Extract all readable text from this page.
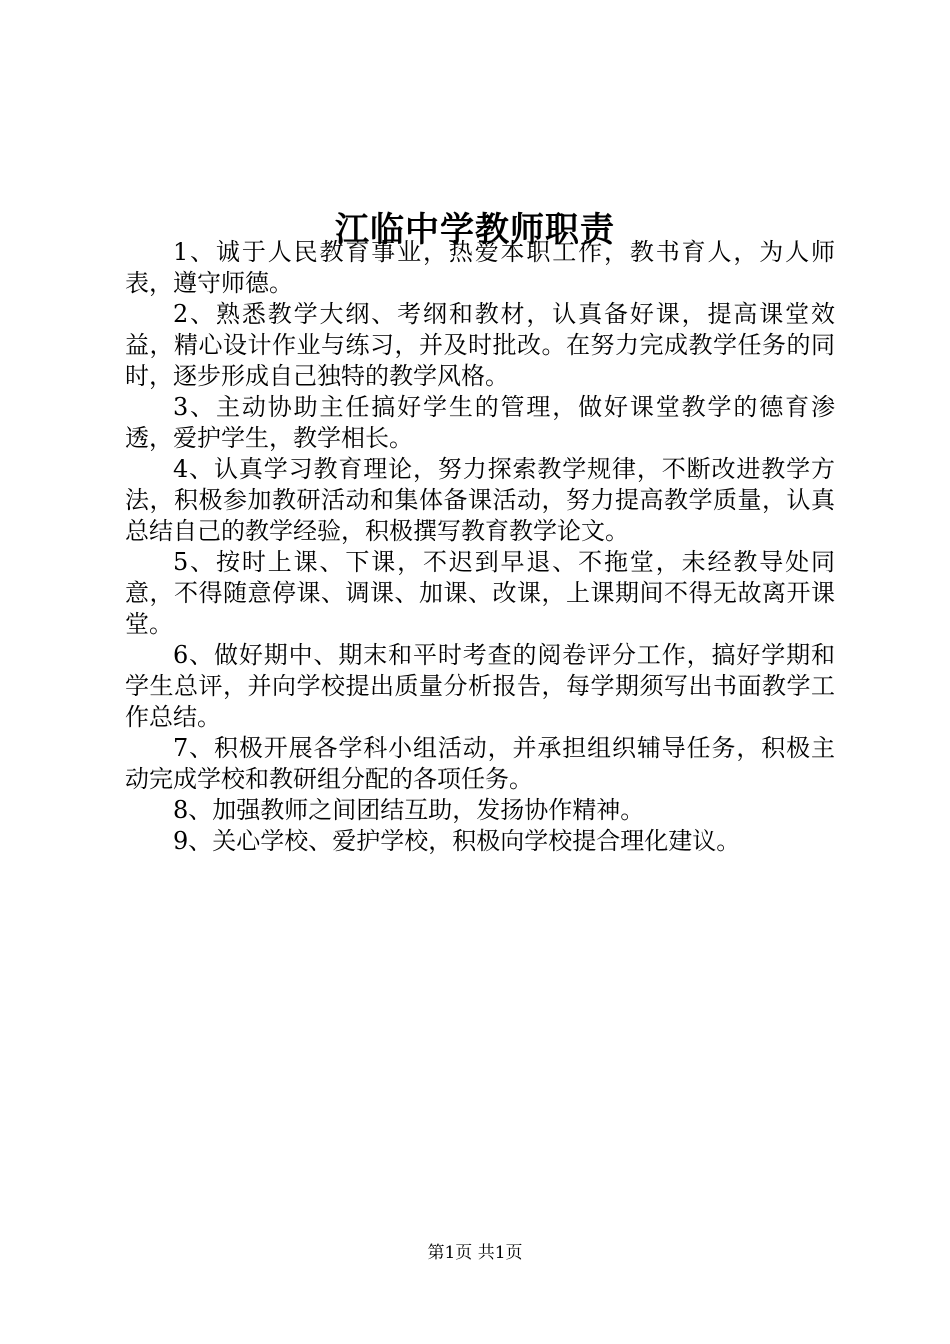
江临中学教师职责

1、诚于人民教育事业，热爱本职工作，教书育人，为人师表，遵守师德。

2、熟悉教学大纲、考纲和教材，认真备好课，提高课堂效益，精心设计作业与练习，并及时批改。在努力完成教学任务的同时，逐步形成自己独特的教学风格。

3、主动协助主任搞好学生的管理，做好课堂教学的德育渗透，爱护学生，教学相长。

4、认真学习教育理论，努力探索教学规律，不断改进教学方法，积极参加教研活动和集体备课活动，努力提高教学质量，认真总结自己的教学经验，积极撰写教育教学论文。

5、按时上课、下课，不迟到早退、不拖堂，未经教导处同意，不得随意停课、调课、加课、改课，上课期间不得无故离开课堂。

6、做好期中、期末和平时考查的阅卷评分工作，搞好学期和学生总评，并向学校提出质量分析报告，每学期须写出书面教学工作总结。

7、积极开展各学科小组活动，并承担组织辅导任务，积极主动完成学校和教研组分配的各项任务。

8、加强教师之间团结互助，发扬协作精神。

9、关心学校、爱护学校，积极向学校提合理化建议。

第1页 共1页
